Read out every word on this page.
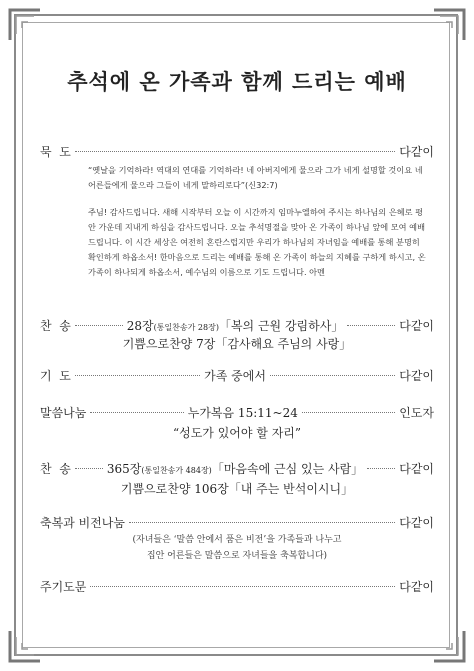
추석에 온 가족과 함께 드리는 예배
묵  도	다같이
“옛날을 기억하라! 역대의 연대를 기억하라! 네 아버지에게 물으라 그가 네게 설명할 것이요 네 어른들에게 물으라 그들이 네게 말하리로다”(신32:7)
주님! 감사드립니다. 새해 시작부터 오늘 이 시간까지 임마누엘하여 주시는 하나님의 은혜로 평안 가운데 지내게 하심을 감사드립니다. 오늘 추석명절을 맞아 온 가족이 하나님 앞에 모여 예배드립니다. 이 시간 세상은 여전히 혼란스럽지만 우리가 하나님의 자녀임을 예배를 통해 분명히 확인하게 하옵소서! 한마음으로 드리는 예배를 통해 온 가족이 하늘의 지혜를 구하게 하시고, 온 가족이 하나되게 하옵소서, 예수님의 이름으로 기도 드립니다. 아멘
찬  송	28장(통일찬송가 28장)「복의 근원 강림하사」	다같이
기쁨으로찬양 7장「감사해요 주님의 사랑」
기  도	가족 중에서	다같이
말씀나눔	누가복음 15:11~24	인도자
“성도가 있어야 할 자리”
찬  송	365장(통일찬송가 484장)「마음속에 근심 있는 사람」	다같이
기쁨으로찬양 106장「내 주는 반석이시니」
축복과 비전나눔	다같이
(자녀들은 ‘말씀 안에서 품은 비전’을 가족들과 나누고
집안 어른들은 말씀으로 자녀들을 축복합니다)
주기도문	다같이
